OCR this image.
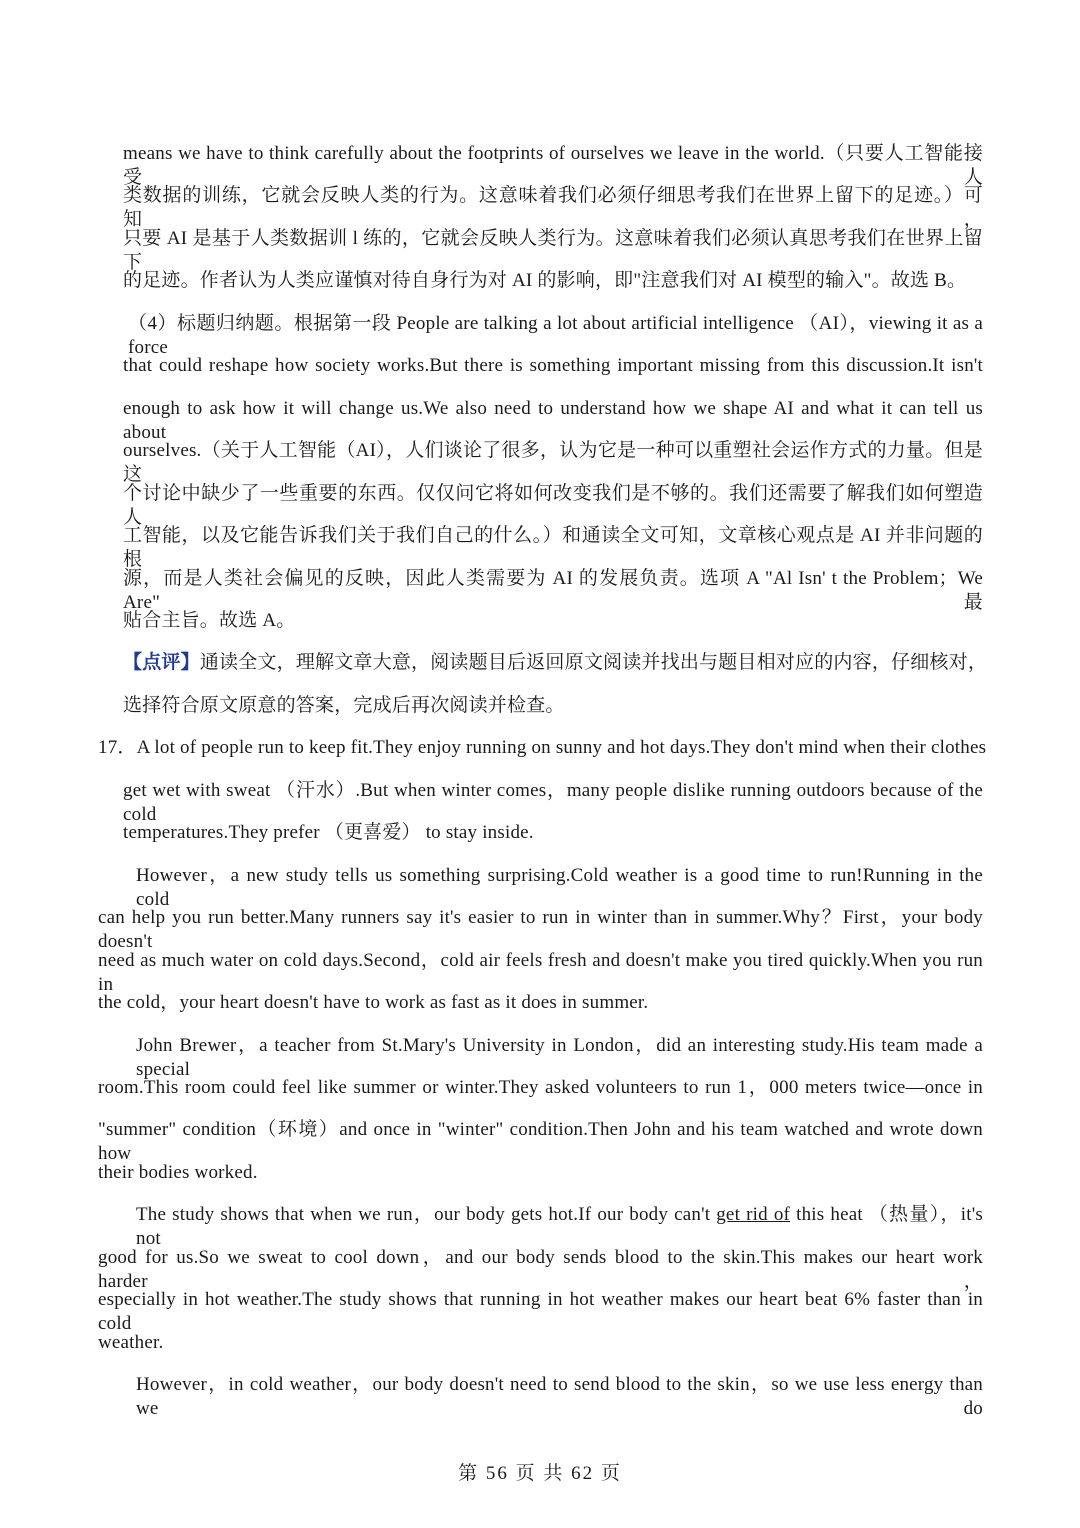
means we have to think carefully about the footprints of ourselves we leave in the world.（只要人工智能接受人
类数据的训练，它就会反映人类的行为。这意味着我们必须仔细思考我们在世界上留下的足迹。）可知，
只要 AI 是基于人类数据训 l 练的，它就会反映人类行为。这意味着我们必须认真思考我们在世界上留下
的足迹。作者认为人类应谨慎对待自身行为对 AI 的影响，即"注意我们对 AI 模型的输入"。故选 B。
（4）标题归纳题。根据第一段 People are talking a lot about artificial intelligence （AI），viewing it as a force
that could reshape how society works.But there is something important missing from this discussion.It isn't
enough to ask how it will change us.We also need to understand how we shape AI and what it can tell us about
ourselves.（关于人工智能（AI），人们谈论了很多，认为它是一种可以重塑社会运作方式的力量。但是这
个讨论中缺少了一些重要的东西。仅仅问它将如何改变我们是不够的。我们还需要了解我们如何塑造人
工智能，以及它能告诉我们关于我们自己的什么。）和通读全文可知，文章核心观点是 AI 并非问题的根
源，而是人类社会偏见的反映，因此人类需要为 AI 的发展负责。选项 A "Al Isn' t the Problem；We Are" 最
贴合主旨。故选 A。
【点评】通读全文，理解文章大意，阅读题目后返回原文阅读并找出与题目相对应的内容，仔细核对，
选择符合原文原意的答案，完成后再次阅读并检查。
17．A lot of people run to keep fit.They enjoy running on sunny and hot days.They don't mind when their clothes
get wet with sweat （汗水）.But when winter comes，many people dislike running outdoors because of the cold
temperatures.They prefer （更喜爱） to stay inside.
However，a new study tells us something surprising.Cold weather is a good time to run!Running in the cold
can help you run better.Many runners say it's easier to run in winter than in summer.Why？First，your body doesn't
need as much water on cold days.Second，cold air feels fresh and doesn't make you tired quickly.When you run in
the cold，your heart doesn't have to work as fast as it does in summer.
John Brewer，a teacher from St.Mary's University in London，did an interesting study.His team made a special
room.This room could feel like summer or winter.They asked volunteers to run 1，000 meters twice—once in
"summer" condition（环境）and once in "winter" condition.Then John and his team watched and wrote down how
their bodies worked.
The study shows that when we run，our body gets hot.If our body can't get rid of this heat （热量），it's not
good for us.So we sweat to cool down，and our body sends blood to the skin.This makes our heart work harder，
especially in hot weather.The study shows that running in hot weather makes our heart beat 6% faster than in cold
weather.
However，in cold weather，our body doesn't need to send blood to the skin，so we use less energy than we do
第 56 页 共 62 页
